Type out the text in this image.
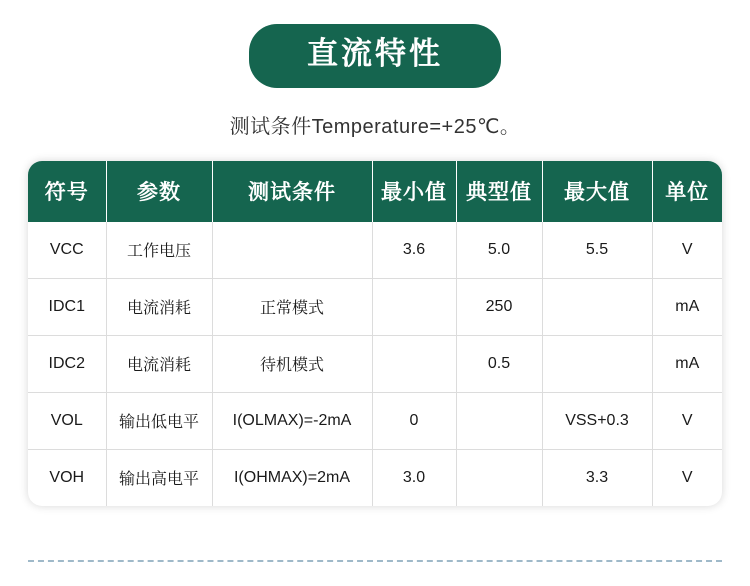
直流特性
测试条件Temperature=+25℃。
符号	参数	测试条件	最小值	典型值	最大值	单位
VCC	工作电压		3.6	5.0	5.5	V
IDC1	电流消耗	正常模式		250		mA
IDC2	电流消耗	待机模式		0.5		mA
VOL	输出低电平	I(OLMAX)=-2mA	0		VSS+0.3	V
VOH	输出高电平	I(OHMAX)=2mA	3.0		3.3	V
